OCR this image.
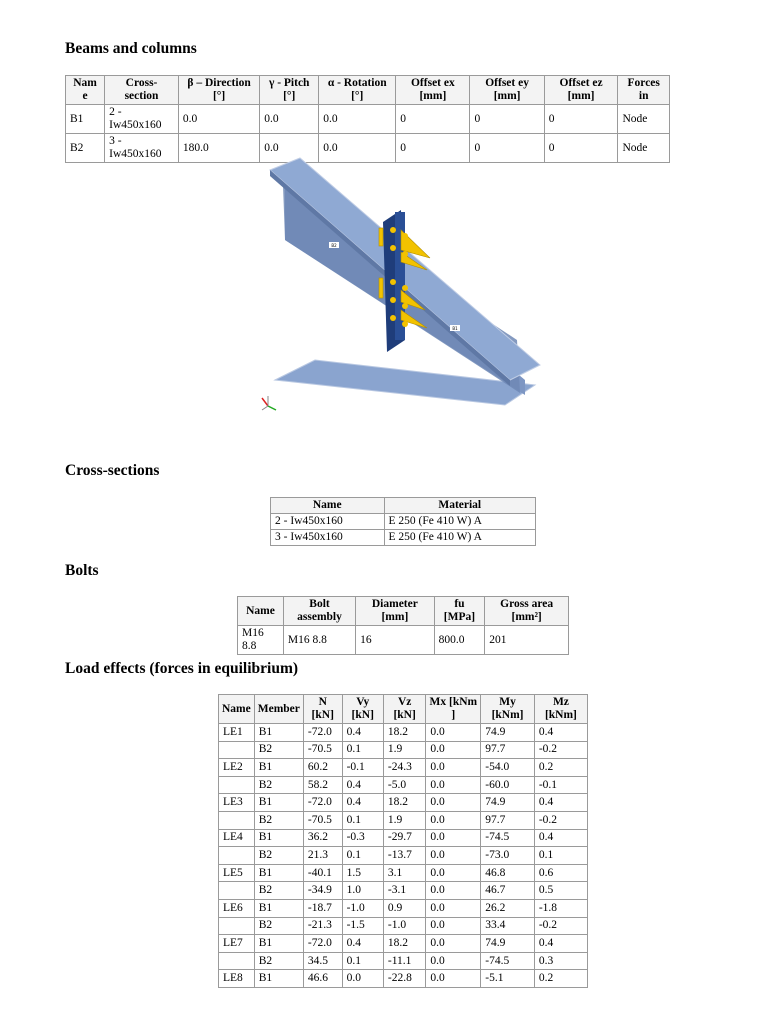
Beams and columns
Nam e	Cross-section	β – Direction [°]	γ - Pitch [°]	α - Rotation [°]	Offset ex [mm]	Offset ey [mm]	Offset ez [mm]	Forces in
B1	2 - Iw450x160	0.0	0.0	0.0	0	0	0	Node
B2	3 - Iw450x160	180.0	0.0	0.0	0	0	0	Node
B2
B1
Cross-sections
Name	Material
2 - Iw450x160	E 250 (Fe 410 W) A
3 - Iw450x160	E 250 (Fe 410 W) A
Bolts
Name	Bolt assembly	Diameter [mm]	fu [MPa]	Gross area [mm²]
M16 8.8	M16 8.8	16	800.0	201
Load effects (forces in equilibrium)
Name	Member	N [kN]	Vy [kN]	Vz [kN]	Mx [kNm ]	My [kNm]	Mz [kNm]
LE1	B1	-72.0	0.4	18.2	0.0	74.9	0.4
	B2	-70.5	0.1	1.9	0.0	97.7	-0.2
LE2	B1	60.2	-0.1	-24.3	0.0	-54.0	0.2
	B2	58.2	0.4	-5.0	0.0	-60.0	-0.1
LE3	B1	-72.0	0.4	18.2	0.0	74.9	0.4
	B2	-70.5	0.1	1.9	0.0	97.7	-0.2
LE4	B1	36.2	-0.3	-29.7	0.0	-74.5	0.4
	B2	21.3	0.1	-13.7	0.0	-73.0	0.1
LE5	B1	-40.1	1.5	3.1	0.0	46.8	0.6
	B2	-34.9	1.0	-3.1	0.0	46.7	0.5
LE6	B1	-18.7	-1.0	0.9	0.0	26.2	-1.8
	B2	-21.3	-1.5	-1.0	0.0	33.4	-0.2
LE7	B1	-72.0	0.4	18.2	0.0	74.9	0.4
	B2	34.5	0.1	-11.1	0.0	-74.5	0.3
LE8	B1	46.6	0.0	-22.8	0.0	-5.1	0.2
